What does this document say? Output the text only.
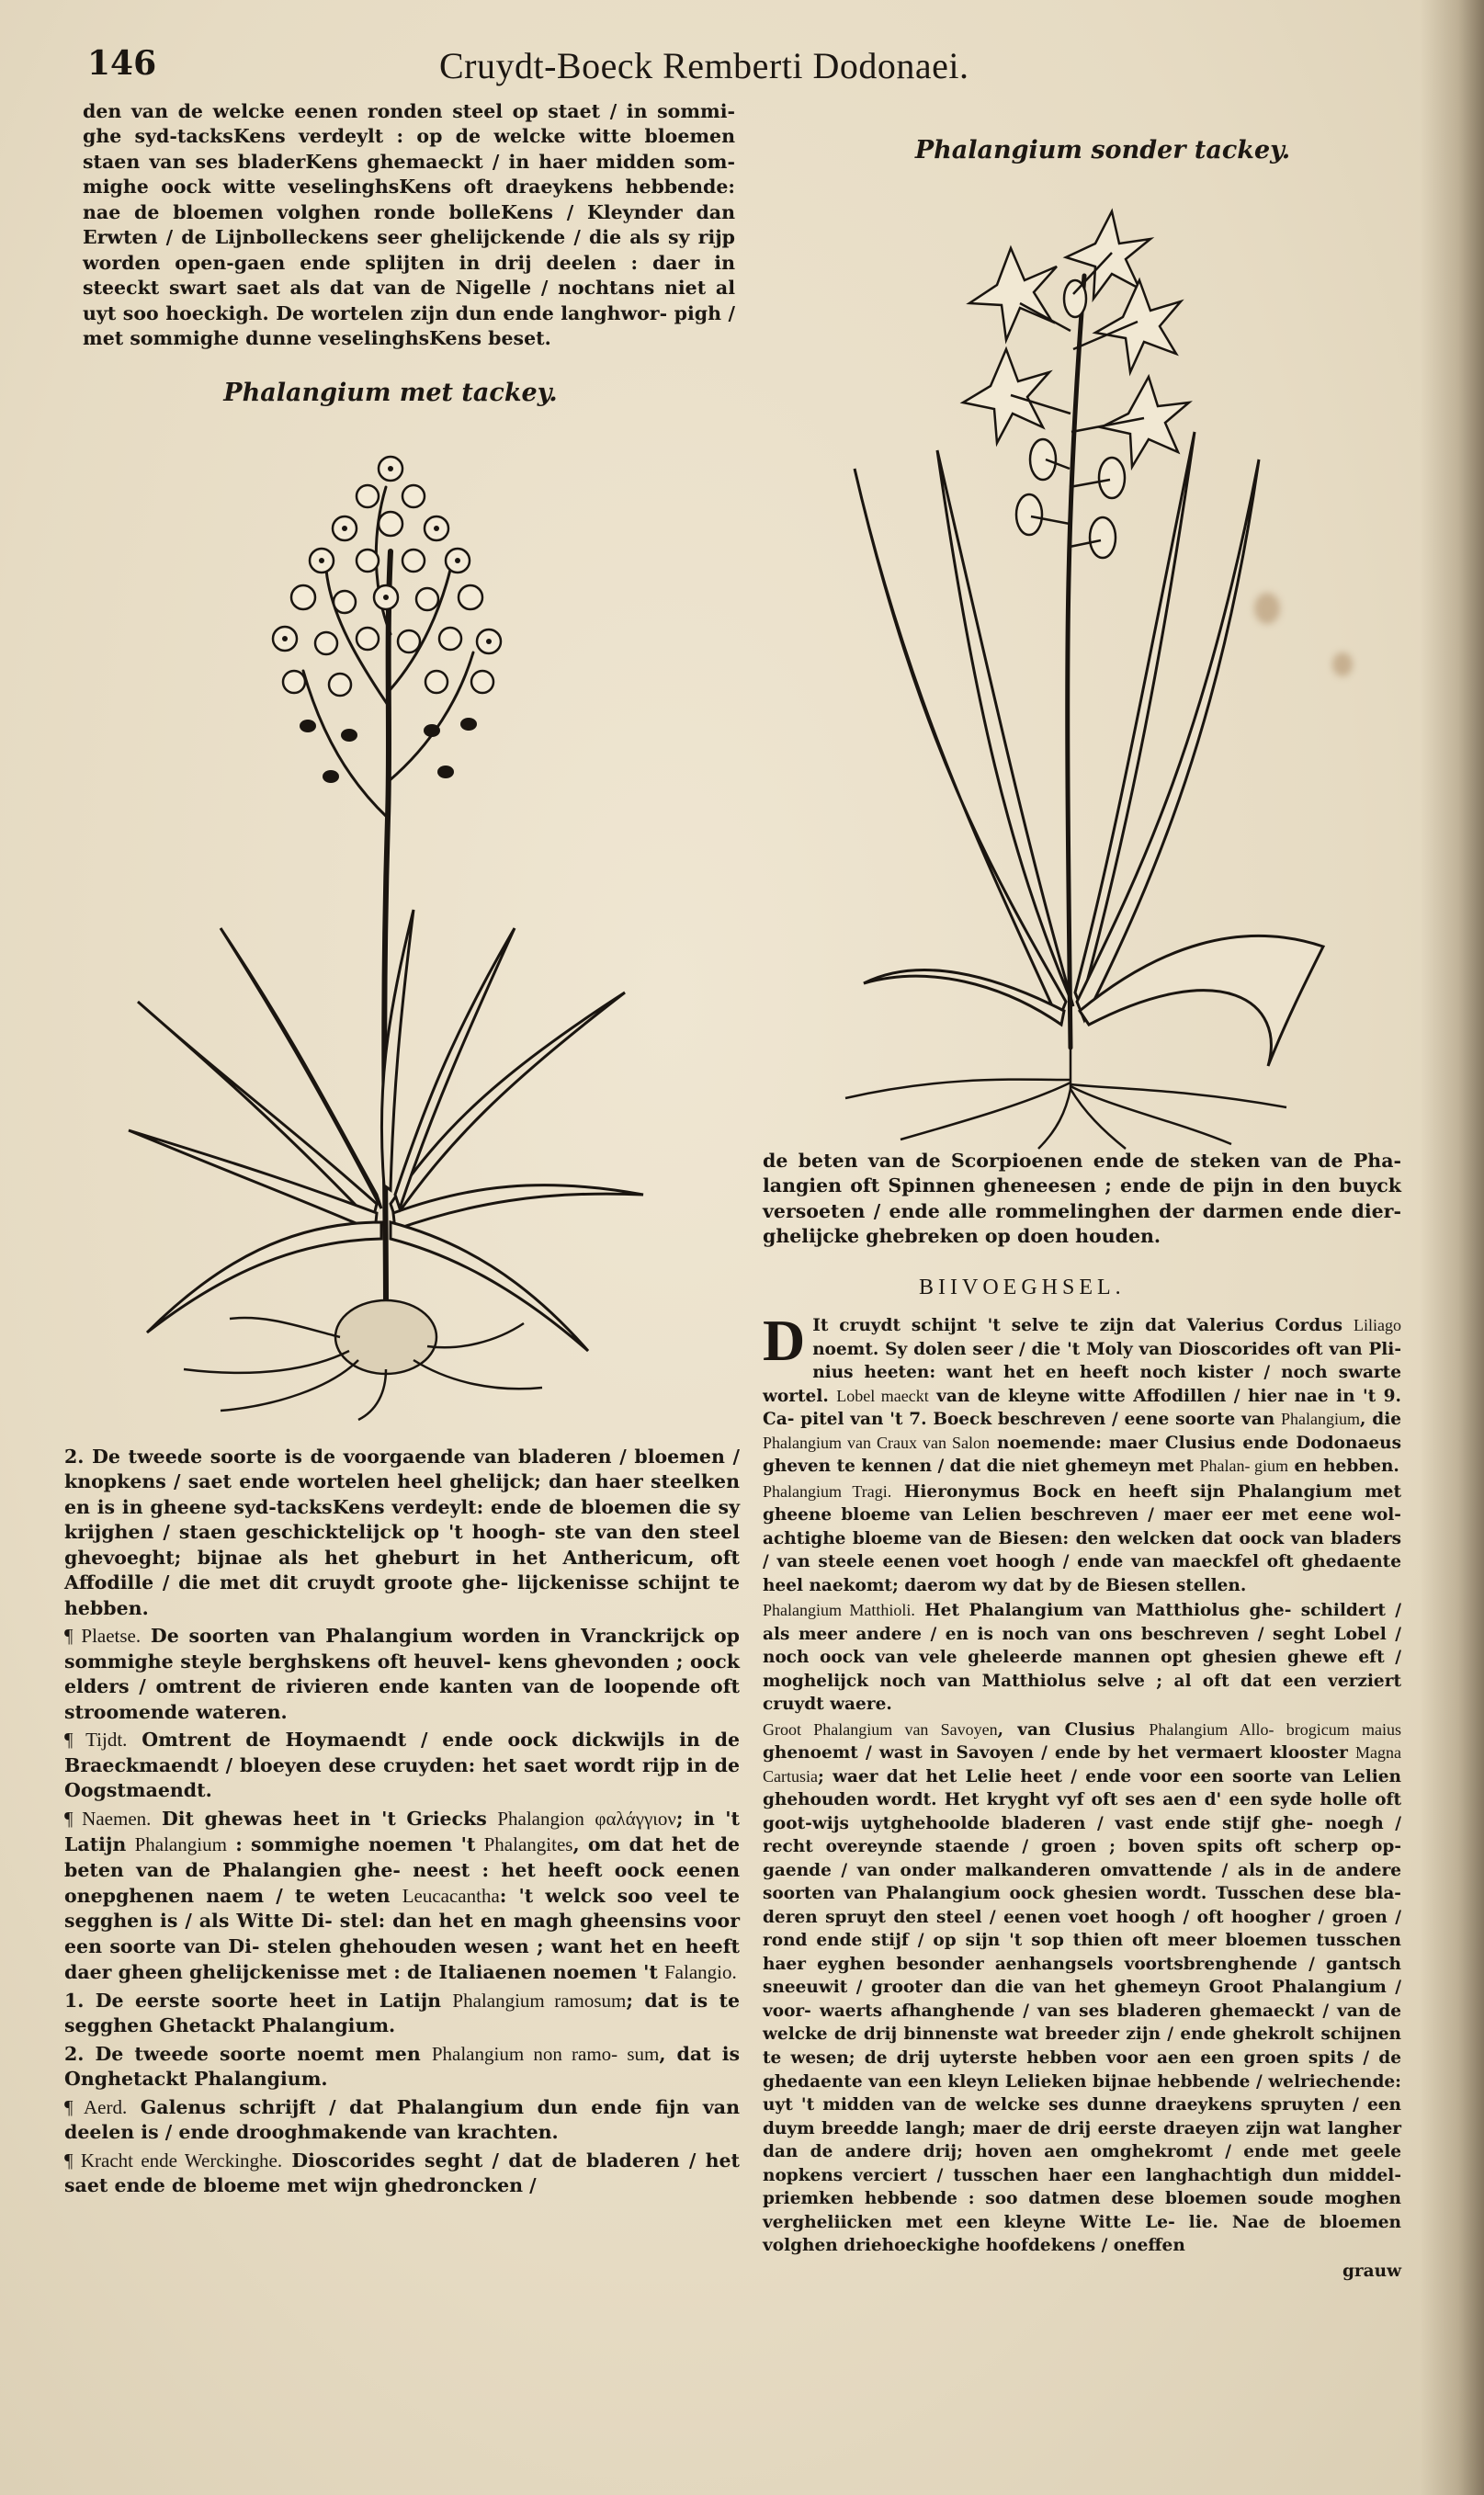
146	Cruydt-Boeck Remberti Dodonaei.

den van de welcke eenen ronden steel op staet / in sommi- ghe syd-tacksKens verdeylt : op de welcke witte bloemen staen van ses bladerKens ghemaeckt / in haer midden som- mighe oock witte veselinghsKens oft draeykens hebbende: nae de bloemen volghen ronde bolleKens / Kleynder dan Erwten / de Lijnbolleckens seer ghelijckende / die als sy rijp worden open-gaen ende splijten in drij deelen : daer in steeckt swart saet als dat van de Nigelle / nochtans niet al uyt soo hoeckigh. De wortelen zijn dun ende langhwor- pigh / met sommighe dunne veselinghsKens beset.

Phalangium met tackey.
Phalangium sonder tackey.

2. De tweede soorte is de voorgaende van bladeren / bloemen / knopkens / saet ende wortelen heel ghelijck; dan haer steelken en is in gheene syd-tacksKens verdeylt: ende de bloemen die sy krijghen / staen geschicktelijck op 't hoogh- ste van den steel ghevoeght; bijnae als het gheburt in het Anthericum, oft Affodille / die met dit cruydt groote ghe- lijckenisse schijnt te hebben.

¶ Plaetse. De soorten van Phalangium worden in Vranckrijck op sommighe steyle berghskens oft heuvel- kens ghevonden ; oock elders / omtrent de rivieren ende kanten van de loopende oft stroomende wateren.

¶ Tijdt. Omtrent de Hoymaendt / ende oock dickwijls in de Braeckmaendt / bloeyen dese cruyden: het saet wordt rijp in de Oogstmaendt.

¶ Naemen. Dit ghewas heet in 't Griecks Phalangion φαλάγγιον; in 't Latijn Phalangium : sommighe noemen 't Phalangites, om dat het de beten van de Phalangien ghe- neest : het heeft oock eenen onepghenen naem / te weten Leucacantha: 't welck soo veel te segghen is / als Witte Di- stel: dan het en magh gheensins voor een soorte van Di- stelen ghehouden wesen ; want het en heeft daer gheen ghelijckenisse met : de Italiaenen noemen 't Falangio.

1. De eerste soorte heet in Latijn Phalangium ramosum; dat is te segghen Ghetackt Phalangium.

2. De tweede soorte noemt men Phalangium non ramo- sum, dat is Onghetackt Phalangium.

¶ Aerd. Galenus schrijft / dat Phalangium dun ende fijn van deelen is / ende drooghmakende van krachten.

¶ Kracht ende Werckinghe. Dioscorides seght / dat de bladeren / het saet ende de bloeme met wijn ghedroncken /

de beten van de Scorpioenen ende de steken van de Pha- langien oft Spinnen gheneesen ; ende de pijn in den buyck versoeten / ende alle rommelinghen der darmen ende dier- ghelijcke ghebreken op doen houden.

BIIVOEGHSEL.

D It cruydt schijnt 't selve te zijn dat Valerius Cordus Liliago noemt. Sy dolen seer / die 't Moly van Dioscorides oft van Pli- nius heeten: want het en heeft noch kister / noch swarte wortel. Lobel maeckt van de kleyne witte Affodillen / hier nae in 't 9. Ca- pitel van 't 7. Boeck beschreven / eene soorte van Phalangium, die Phalangium van Craux van Salon noemende: maer Clusius ende Dodonaeus gheven te kennen / dat die niet ghemeyn met Phalan- gium en hebben.

Phalangium Tragi. Hieronymus Bock en heeft sijn Phalangium met gheene bloeme van Lelien beschreven / maer eer met eene wol- achtighe bloeme van de Biesen: den welcken dat oock van bladers / van steele eenen voet hoogh / ende van maeckfel oft ghedaente heel naekomt; daerom wy dat by de Biesen stellen.

Phalangium Matthioli. Het Phalangium van Matthiolus ghe- schildert / als meer andere / en is noch van ons beschreven / seght Lobel / noch oock van vele gheleerde mannen opt ghesien ghewe eft / moghelijck noch van Matthiolus selve ; al oft dat een verziert cruydt waere.

Groot Phalangium van Savoyen, van Clusius Phalangium Allo- brogicum maius ghenoemt / wast in Savoyen / ende by het vermaert klooster Magna Cartusia; waer dat het Lelie heet / ende voor een soorte van Lelien ghehouden wordt. Het kryght vyf oft ses aen d' een syde holle oft goot-wijs uytghehoolde bladeren / vast ende stijf ghe- noegh / recht overeynde staende / groen ; boven spits oft scherp op- gaende / van onder malkanderen omvattende / als in de andere soorten van Phalangium oock ghesien wordt. Tusschen dese bla- deren spruyt den steel / eenen voet hoogh / oft hoogher / groen / rond ende stijf / op sijn 't sop thien oft meer bloemen tusschen haer eyghen besonder aenhangsels voortsbrenghende / gantsch sneeuwit / grooter dan die van het ghemeyn Groot Phalangium / voor- waerts afhanghende / van ses bladeren ghemaeckt / van de welcke de drij binnenste wat breeder zijn / ende ghekrolt schijnen te wesen; de drij uyterste hebben voor aen een groen spits / de ghedaente van een kleyn Lelieken bijnae hebbende / welriechende: uyt 't midden van de welcke ses dunne draeykens spruyten / een duym breedde langh; maer de drij eerste draeyen zijn wat langher dan de andere drij; hoven aen omghekromt / ende met geele nopkens verciert / tusschen haer een langhachtigh dun middel-priemken hebbende : soo datmen dese bloemen soude moghen vergheliicken met een kleyne Witte Le- lie. Nae de bloemen volghen driehoeckighe hoofdekens / oneffen

grauw
